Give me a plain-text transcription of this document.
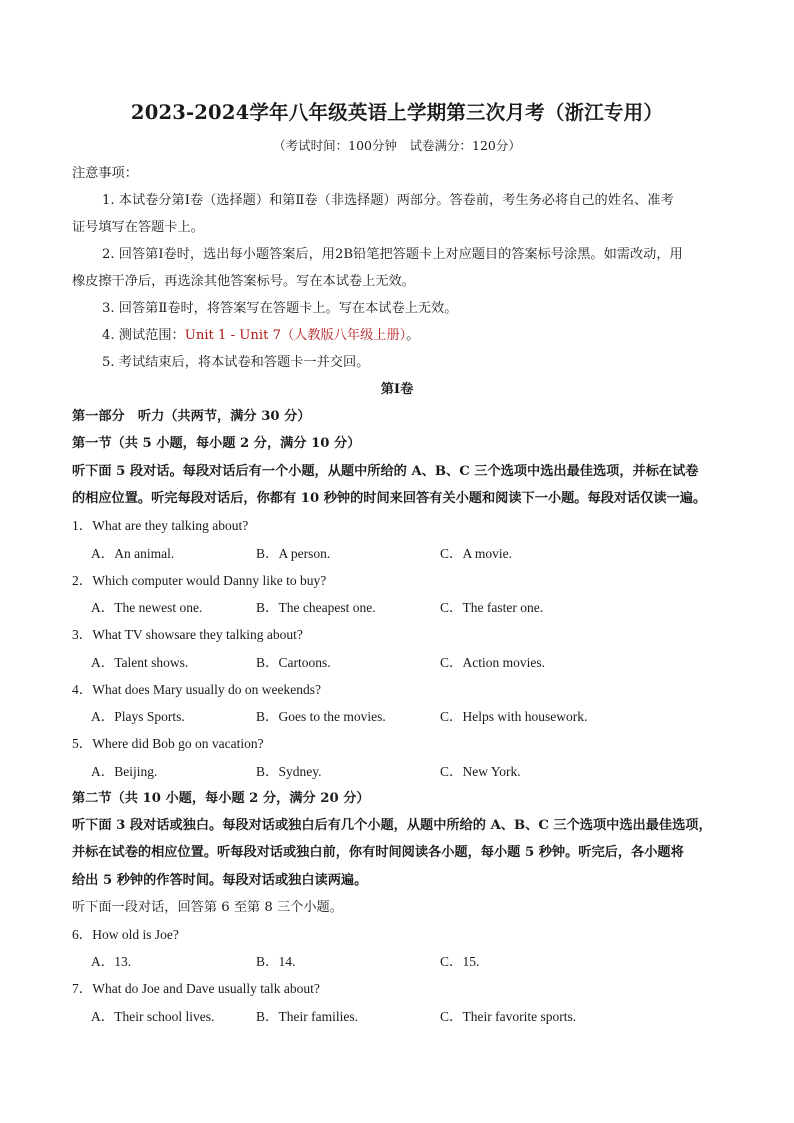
2023-2024学年八年级英语上学期第三次月考（浙江专用）
（考试时间：100分钟　试卷满分：120分）
注意事项：
1. 本试卷分第Ⅰ卷（选择题）和第Ⅱ卷（非选择题）两部分。答卷前，考生务必将自己的姓名、准考
证号填写在答题卡上。
2. 回答第Ⅰ卷时，选出每小题答案后，用2B铅笔把答题卡上对应题目的答案标号涂黑。如需改动，用
橡皮擦干净后，再选涂其他答案标号。写在本试卷上无效。
3. 回答第Ⅱ卷时，将答案写在答题卡上。写在本试卷上无效。
4. 测试范围：Unit 1 - Unit 7（人教版八年级上册）。
5. 考试结束后，将本试卷和答题卡一并交回。
第Ⅰ卷
第一部分　听力（共两节，满分 30 分）
第一节（共 5 小题，每小题 2 分，满分 10 分）
听下面 5 段对话。每段对话后有一个小题，从题中所给的 A、B、C 三个选项中选出最佳选项，并标在试卷
的相应位置。听完每段对话后，你都有 10 秒钟的时间来回答有关小题和阅读下一小题。每段对话仅读一遍。
1．What are they talking about?
A．An animal.	B．A person.	C．A movie.
2．Which computer would Danny like to buy?
A．The newest one.	B．The cheapest one.	C．The faster one.
3．What TV showsare they talking about?
A．Talent shows.	B．Cartoons.	C．Action movies.
4．What does Mary usually do on weekends?
A．Plays Sports.	B．Goes to the movies.	C．Helps with housework.
5．Where did Bob go on vacation?
A．Beijing.	B．Sydney.	C．New York.
第二节（共 10 小题，每小题 2 分，满分 20 分）
听下面 3 段对话或独白。每段对话或独白后有几个小题，从题中所给的 A、B、C 三个选项中选出最佳选项，
并标在试卷的相应位置。听每段对话或独白前，你有时间阅读各小题，每小题 5 秒钟。听完后，各小题将
给出 5 秒钟的作答时间。每段对话或独白读两遍。
听下面一段对话，回答第 6 至第 8 三个小题。
6．How old is Joe?
A．13.	B．14.	C．15.
7．What do Joe and Dave usually talk about?
A．Their school lives.	B．Their families.	C．Their favorite sports.
